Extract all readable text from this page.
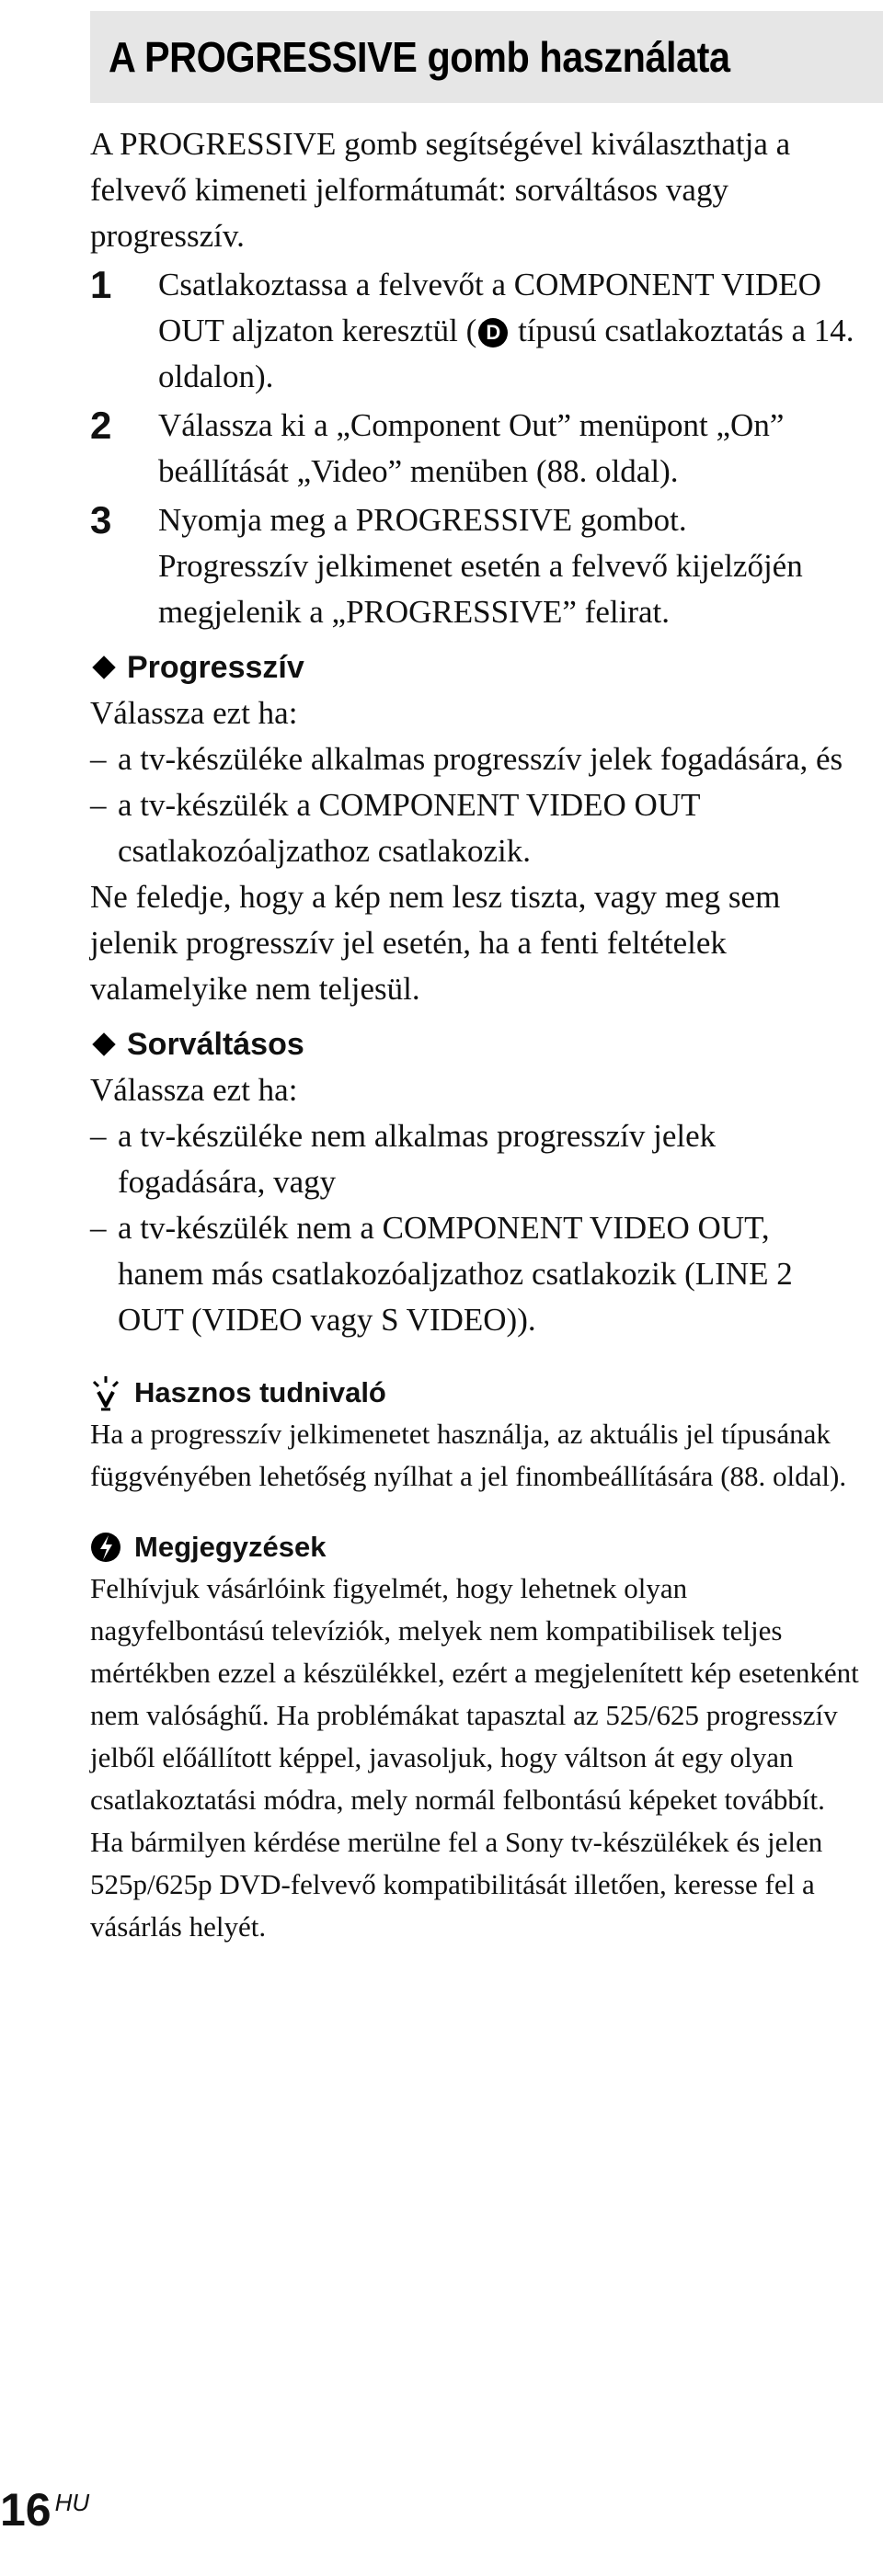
A PROGRESSIVE gomb használata

A PROGRESSIVE gomb segítségével kiválaszthatja a felvevő kimeneti jelformátumát: sorváltásos vagy progresszív.

1 Csatlakoztassa a felvevőt a COMPONENT VIDEO OUT aljzaton keresztül ( D típusú csatlakoztatás a 14. oldalon).

2 Válassza ki a „Component Out” menüpont „On” beállítását „Video” menüben (88. oldal).

3 Nyomja meg a PROGRESSIVE gombot.

Progresszív jelkimenet esetén a felvevő kijelzőjén megjelenik a „PROGRESSIVE” felirat.

Progresszív

Válassza ezt ha:

– a tv-készüléke alkalmas progresszív jelek fogadására, és

– a tv-készülék a COMPONENT VIDEO OUT csatlakozóaljzathoz csatlakozik.

Ne feledje, hogy a kép nem lesz tiszta, vagy meg sem jelenik progresszív jel esetén, ha a fenti feltételek valamelyike nem teljesül.

Sorváltásos

Válassza ezt ha:

– a tv-készüléke nem alkalmas progresszív jelek fogadására, vagy

– a tv-készülék nem a COMPONENT VIDEO OUT, hanem más csatlakozóaljzathoz csatlakozik (LINE 2 OUT (VIDEO vagy S VIDEO)).

Hasznos tudnivaló

Ha a progresszív jelkimenetet használja, az aktuális jel típusának függvényében lehetőség nyílhat a jel finombeállítására (88. oldal).

Megjegyzések

Felhívjuk vásárlóink figyelmét, hogy lehetnek olyan nagyfelbontású televíziók, melyek nem kompatibilisek teljes mértékben ezzel a készülékkel, ezért a megjelenített kép esetenként nem valósághű. Ha problémákat tapasztal az 525/625 progresszív jelből előállított képpel, javasoljuk, hogy váltson át egy olyan csatlakoztatási módra, mely normál felbontású képeket továbbít. Ha bármilyen kérdése merülne fel a Sony tv-készülékek és jelen 525p/625p DVD-felvevő kompatibilitását illetően, keresse fel a vásárlás helyét.

16 HU
